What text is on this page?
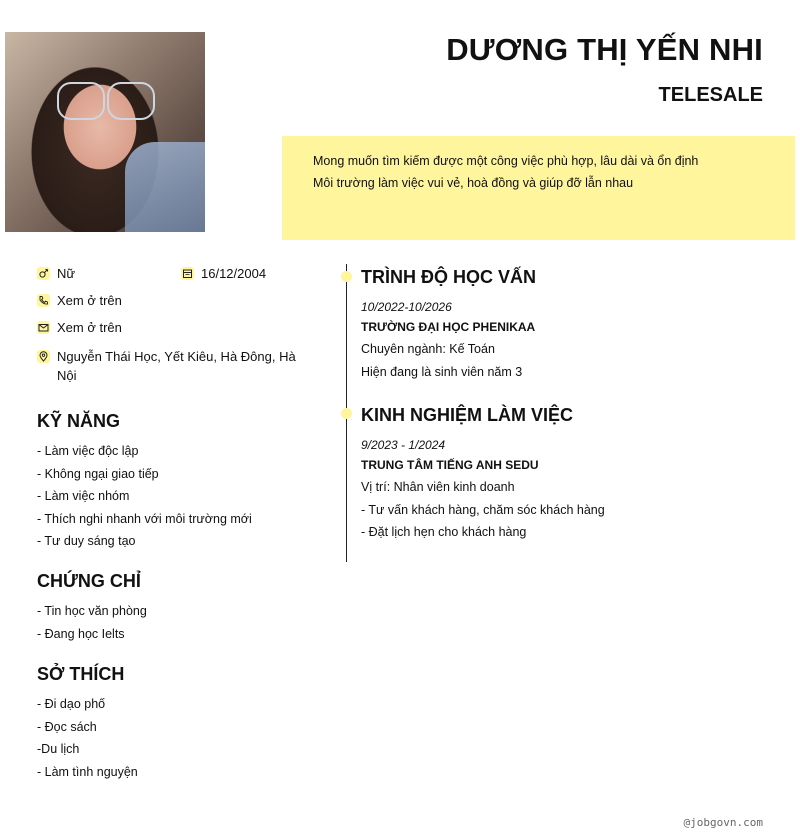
DƯƠNG THỊ YẾN NHI
TELESALE

Mong muốn tìm kiếm được một công việc phù hợp, lâu dài và ổn định

Môi trường làm việc vui vẻ, hoà đồng và giúp đỡ lẫn nhau

Nữ	16/12/2004
Xem ở trên
Xem ở trên
Nguyễn Thái Học, Yết Kiêu, Hà Đông, Hà Nội
KỸ NĂNG
- Làm việc độc lập
- Không ngại giao tiếp
- Làm việc nhóm
- Thích nghi nhanh với môi trường mới
- Tư duy sáng tạo
CHỨNG CHỈ
- Tin học văn phòng
- Đang học Ielts
SỞ THÍCH
- Đi dạo phố
- Đọc sách
-Du lịch
- Làm tình nguyện
TRÌNH ĐỘ HỌC VẤN
10/2022-10/2026
TRƯỜNG ĐẠI HỌC PHENIKAA
Chuyên ngành: Kế Toán
Hiện đang là sinh viên năm 3
KINH NGHIỆM LÀM VIỆC
9/2023 - 1/2024
TRUNG TÂM TIẾNG ANH SEDU
Vị trí: Nhân viên kinh doanh
- Tư vấn khách hàng, chăm sóc khách hàng
- Đặt lịch hẹn cho khách hàng
@jobgovn.com
